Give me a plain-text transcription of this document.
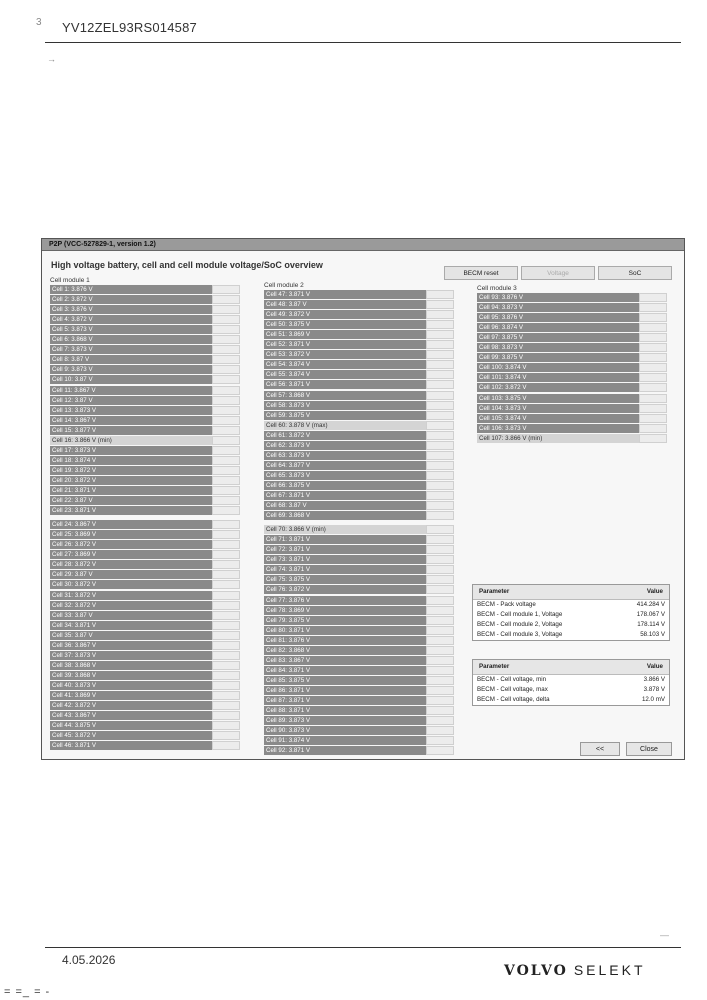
3 YV12ZEL93RS014587
→
P2P (VCC-527829-1, version 1.2)
High voltage battery, cell and cell module voltage/SoC overview
BECM reset	Voltage	SoC
Cell module 1
Cell 1: 3.876 V
Cell 2: 3.872 V
Cell 3: 3.876 V
Cell 4: 3.872 V
Cell 5: 3.873 V
Cell 6: 3.868 V
Cell 7: 3.873 V
Cell 8: 3.87 V
Cell 9: 3.873 V
Cell 10: 3.87 V
Cell 11: 3.867 V
Cell 12: 3.87 V
Cell 13: 3.873 V
Cell 14: 3.867 V
Cell 15: 3.877 V
Cell 16: 3.866 V (min)
Cell 17: 3.873 V
Cell 18: 3.874 V
Cell 19: 3.872 V
Cell 20: 3.872 V
Cell 21: 3.871 V
Cell 22: 3.87 V
Cell 23: 3.871 V
Cell 24: 3.867 V
Cell 25: 3.869 V
Cell 26: 3.872 V
Cell 27: 3.869 V
Cell 28: 3.872 V
Cell 29: 3.87 V
Cell 30: 3.872 V
Cell 31: 3.872 V
Cell 32: 3.872 V
Cell 33: 3.87 V
Cell 34: 3.871 V
Cell 35: 3.87 V
Cell 36: 3.867 V
Cell 37: 3.873 V
Cell 38: 3.868 V
Cell 39: 3.868 V
Cell 40: 3.873 V
Cell 41: 3.869 V
Cell 42: 3.872 V
Cell 43: 3.867 V
Cell 44: 3.875 V
Cell 45: 3.872 V
Cell 46: 3.871 V
Cell module 2
Cell 47: 3.871 V
Cell 48: 3.87 V
Cell 49: 3.872 V
Cell 50: 3.875 V
Cell 51: 3.869 V
Cell 52: 3.871 V
Cell 53: 3.872 V
Cell 54: 3.874 V
Cell 55: 3.874 V
Cell 56: 3.871 V
Cell 57: 3.868 V
Cell 58: 3.873 V
Cell 59: 3.875 V
Cell 60: 3.878 V (max)
Cell 61: 3.872 V
Cell 62: 3.873 V
Cell 63: 3.873 V
Cell 64: 3.877 V
Cell 65: 3.873 V
Cell 66: 3.875 V
Cell 67: 3.871 V
Cell 68: 3.87 V
Cell 69: 3.868 V
Cell 70: 3.866 V (min)
Cell 71: 3.871 V
Cell 72: 3.871 V
Cell 73: 3.871 V
Cell 74: 3.871 V
Cell 75: 3.875 V
Cell 76: 3.872 V
Cell 77: 3.876 V
Cell 78: 3.869 V
Cell 79: 3.875 V
Cell 80: 3.871 V
Cell 81: 3.876 V
Cell 82: 3.868 V
Cell 83: 3.867 V
Cell 84: 3.871 V
Cell 85: 3.875 V
Cell 86: 3.871 V
Cell 87: 3.871 V
Cell 88: 3.871 V
Cell 89: 3.873 V
Cell 90: 3.873 V
Cell 91: 3.874 V
Cell 92: 3.871 V
Cell module 3
Cell 93: 3.876 V
Cell 94: 3.873 V
Cell 95: 3.876 V
Cell 96: 3.874 V
Cell 97: 3.875 V
Cell 98: 3.873 V
Cell 99: 3.875 V
Cell 100: 3.874 V
Cell 101: 3.874 V
Cell 102: 3.872 V
Cell 103: 3.875 V
Cell 104: 3.873 V
Cell 105: 3.874 V
Cell 106: 3.873 V
Cell 107: 3.866 V (min)
Parameter	Value
BECM - Pack voltage	414.284 V
BECM - Cell module 1, Voltage	178.067 V
BECM - Cell module 2, Voltage	178.114 V
BECM - Cell module 3, Voltage	58.103 V
Parameter	Value
BECM - Cell voltage, min	3.866 V
BECM - Cell voltage, max	3.878 V
BECM - Cell voltage, delta	12.0 mV
<<	Close
—
4.05.2026
VOLVO SELEKT
= =_ = -
